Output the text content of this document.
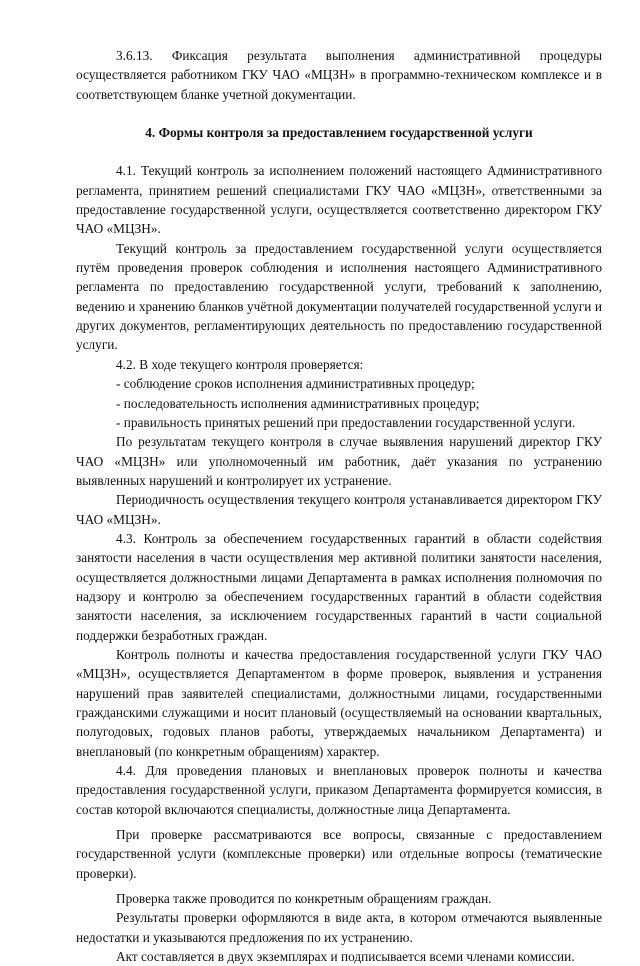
3.6.13. Фиксация результата выполнения административной процедуры осуществляется работником ГКУ ЧАО «МЦЗН» в программно-техническом комплексе и в соответствующем бланке учетной документации.

4. Формы контроля за предоставлением государственной услуги

4.1. Текущий контроль за исполнением положений настоящего Административного регламента, принятием решений специалистами ГКУ ЧАО «МЦЗН», ответственными за предоставление государственной услуги, осуществляется соответственно директором ГКУ ЧАО «МЦЗН».

Текущий контроль за предоставлением государственной услуги осуществляется путём проведения проверок соблюдения и исполнения настоящего Административного регламента по предоставлению государственной услуги, требований к заполнению, ведению и хранению бланков учётной документации получателей государственной услуги и других документов, регламентирующих деятельность по предоставлению государственной услуги.

4.2. В ходе текущего контроля проверяется:

- соблюдение сроков исполнения административных процедур;

- последовательность исполнения административных процедур;

- правильность принятых решений при предоставлении государственной услуги.

По результатам текущего контроля в случае выявления нарушений директор ГКУ ЧАО «МЦЗН» или уполномоченный им работник, даёт указания по устранению выявленных нарушений и контролирует их устранение.

Периодичность осуществления текущего контроля устанавливается директором ГКУ ЧАО «МЦЗН».

4.3. Контроль за обеспечением государственных гарантий в области содействия занятости населения в части осуществления мер активной политики занятости населения, осуществляется должностными лицами Департамента в рамках исполнения полномочия по надзору и контролю за обеспечением государственных гарантий в области содействия занятости населения, за исключением государственных гарантий в части социальной поддержки безработных граждан.

Контроль полноты и качества предоставления государственной услуги ГКУ ЧАО «МЦЗН», осуществляется Департаментом в форме проверок, выявления и устранения нарушений прав заявителей специалистами, должностными лицами, государственными гражданскими служащими и носит плановый (осуществляемый на основании квартальных, полугодовых, годовых планов работы, утверждаемых начальником Департамента) и внеплановый (по конкретным обращениям) характер.

4.4. Для проведения плановых и внеплановых проверок полноты и качества предоставления государственной услуги, приказом Департамента формируется комиссия, в состав которой включаются специалисты, должностные лица Департамента.

При проверке рассматриваются все вопросы, связанные с предоставлением государственной услуги (комплексные проверки) или отдельные вопросы (тематические проверки).

Проверка также проводится по конкретным обращениям граждан.

Результаты проверки оформляются в виде акта, в котором отмечаются выявленные недостатки и указываются предложения по их устранению.

Акт составляется в двух экземплярах и подписывается всеми членами комиссии.
